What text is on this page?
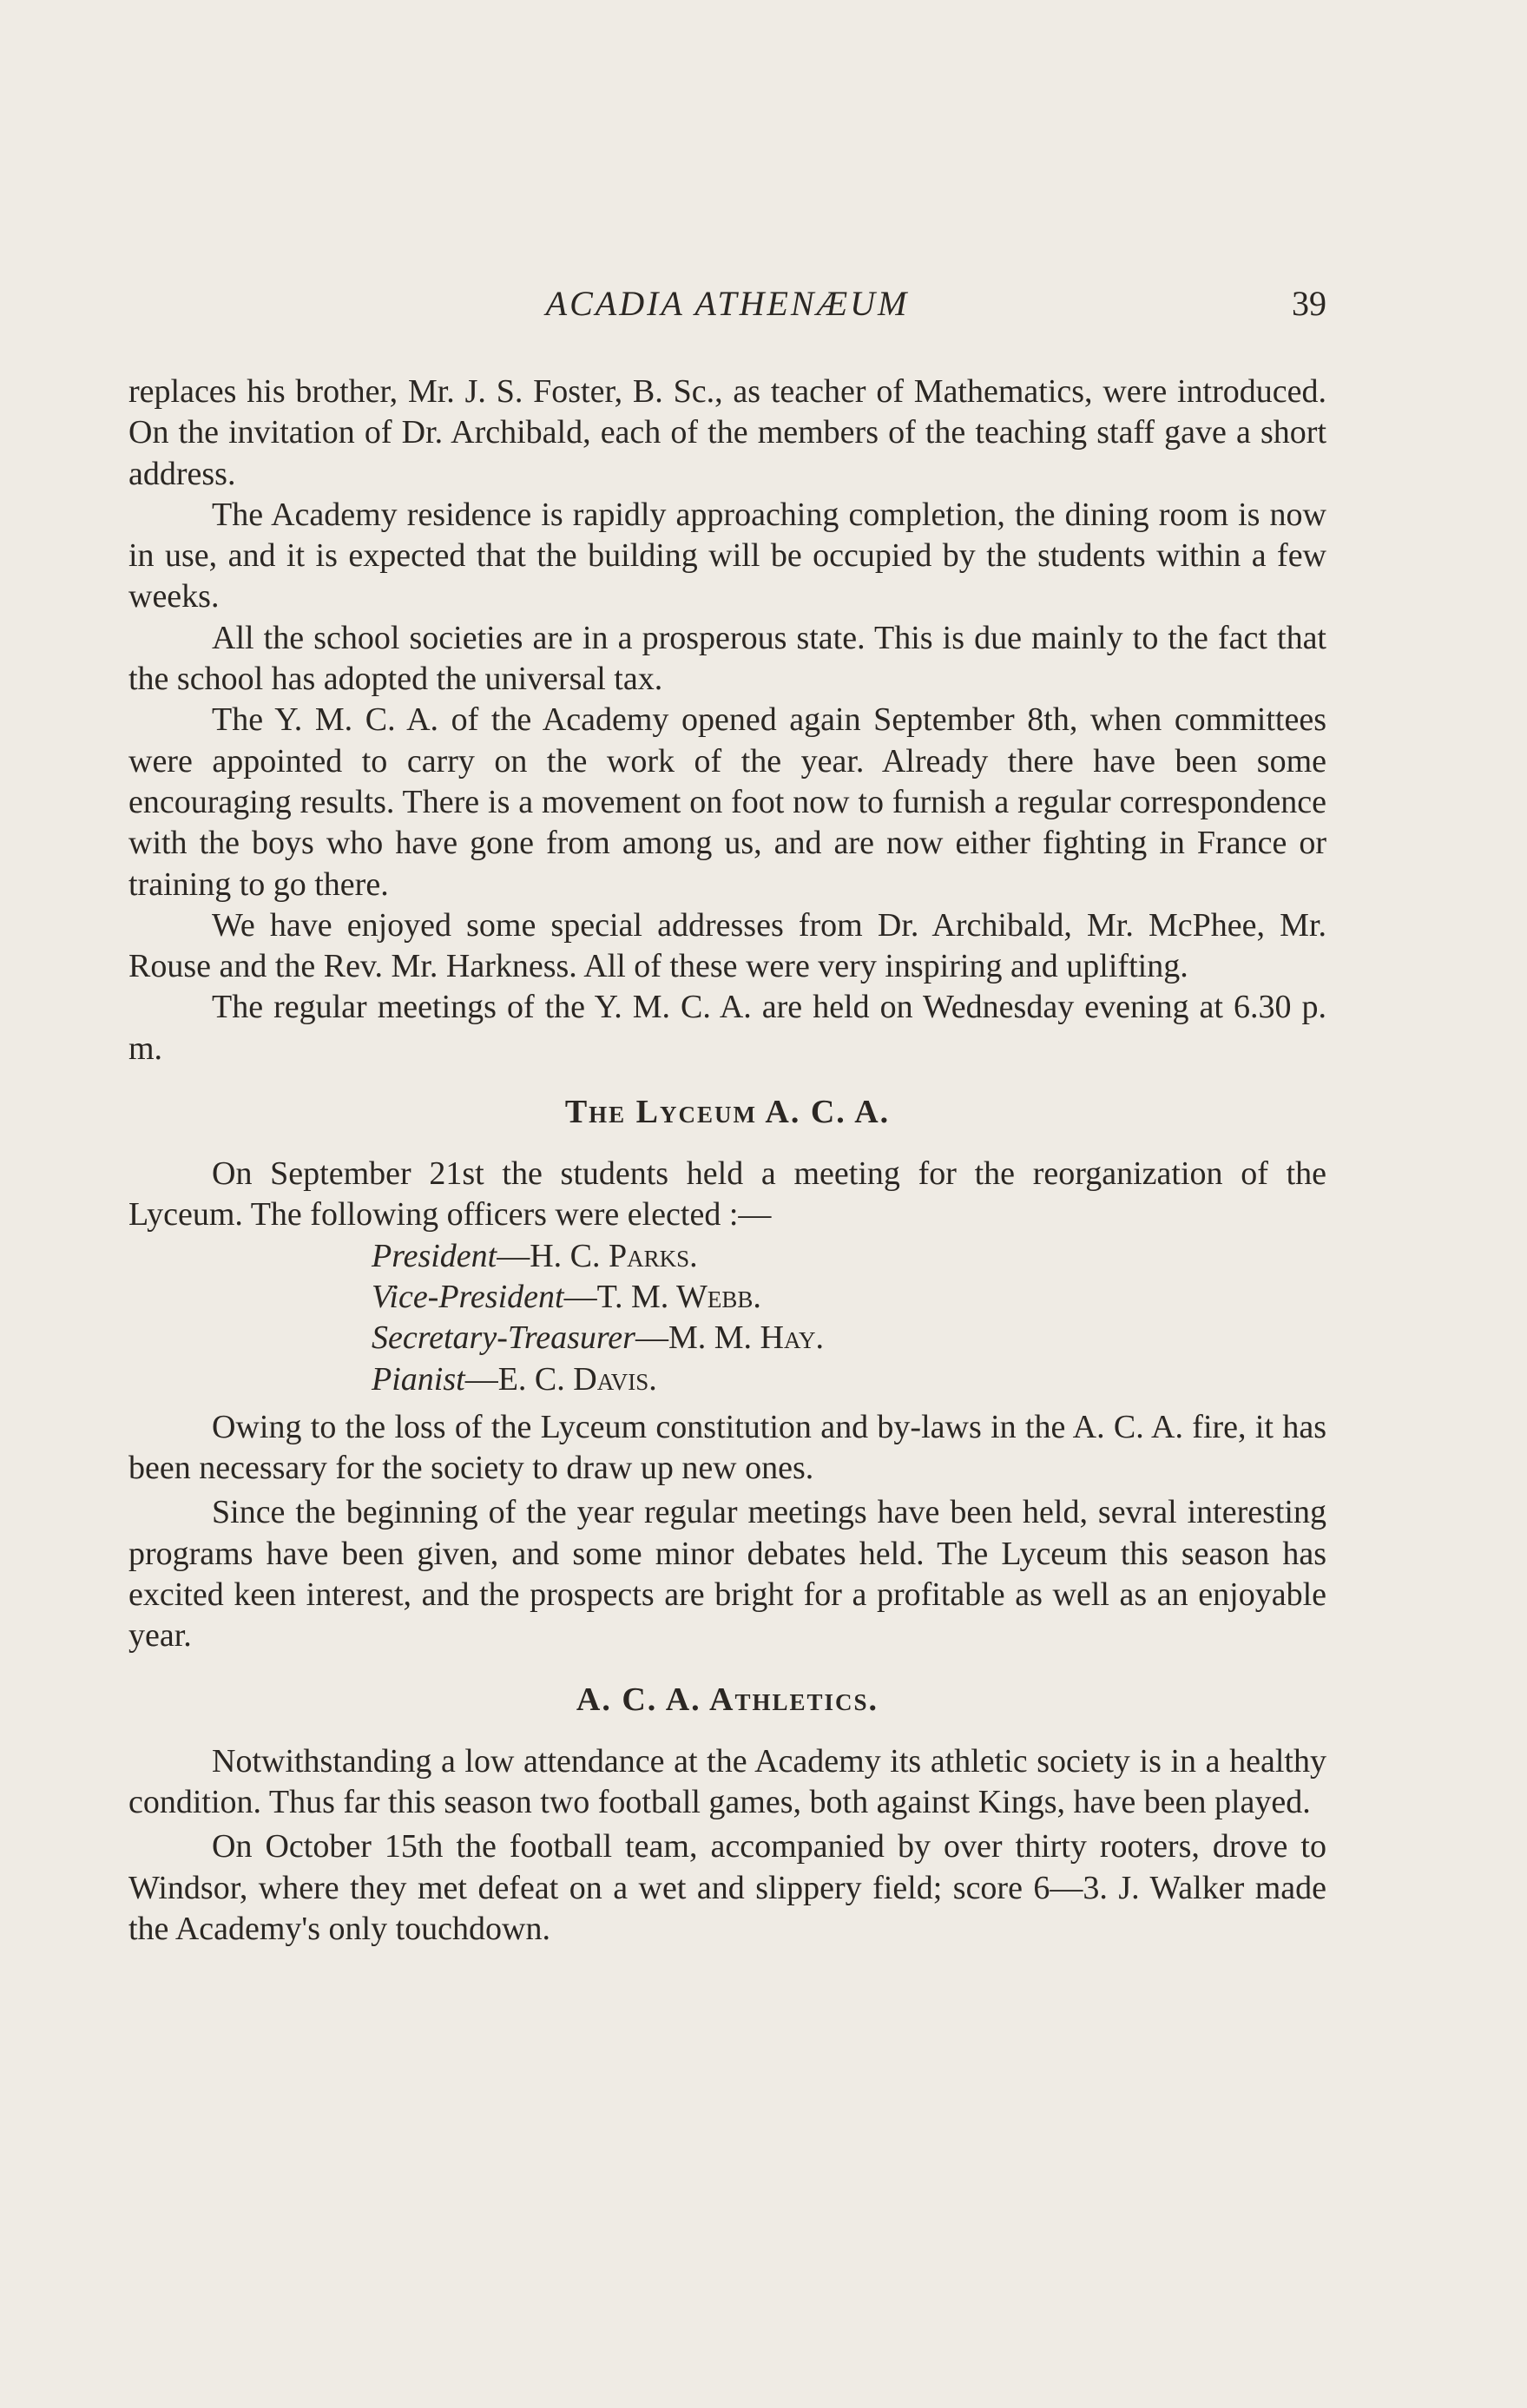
ACADIA ATHENÆUM	39

replaces his brother, Mr. J. S. Foster, B. Sc., as teacher of Mathematics, were introduced. On the invitation of Dr. Archibald, each of the members of the teaching staff gave a short address.

The Academy residence is rapidly approaching completion, the dining room is now in use, and it is expected that the building will be occupied by the students within a few weeks.

All the school societies are in a prosperous state. This is due mainly to the fact that the school has adopted the universal tax.

The Y. M. C. A. of the Academy opened again September 8th, when committees were appointed to carry on the work of the year. Already there have been some encouraging results. There is a movement on foot now to furnish a regular correspondence with the boys who have gone from among us, and are now either fighting in France or training to go there.

We have enjoyed some special addresses from Dr. Archibald, Mr. McPhee, Mr. Rouse and the Rev. Mr. Harkness. All of these were very inspiring and uplifting.

The regular meetings of the Y. M. C. A. are held on Wednesday evening at 6.30 p. m.

The Lyceum A. C. A.

On September 21st the students held a meeting for the reorganization of the Lyceum. The following officers were elected :—

President—H. C. Parks.

Vice-President—T. M. Webb.

Secretary-Treasurer—M. M. Hay.

Pianist—E. C. Davis.

Owing to the loss of the Lyceum constitution and by-laws in the A. C. A. fire, it has been necessary for the society to draw up new ones.

Since the beginning of the year regular meetings have been held, sevral interesting programs have been given, and some minor debates held. The Lyceum this season has excited keen interest, and the prospects are bright for a profitable as well as an enjoyable year.

A. C. A. Athletics.

Notwithstanding a low attendance at the Academy its athletic society is in a healthy condition. Thus far this season two football games, both against Kings, have been played.

On October 15th the football team, accompanied by over thirty rooters, drove to Windsor, where they met defeat on a wet and slippery field; score 6—3. J. Walker made the Academy's only touchdown.
